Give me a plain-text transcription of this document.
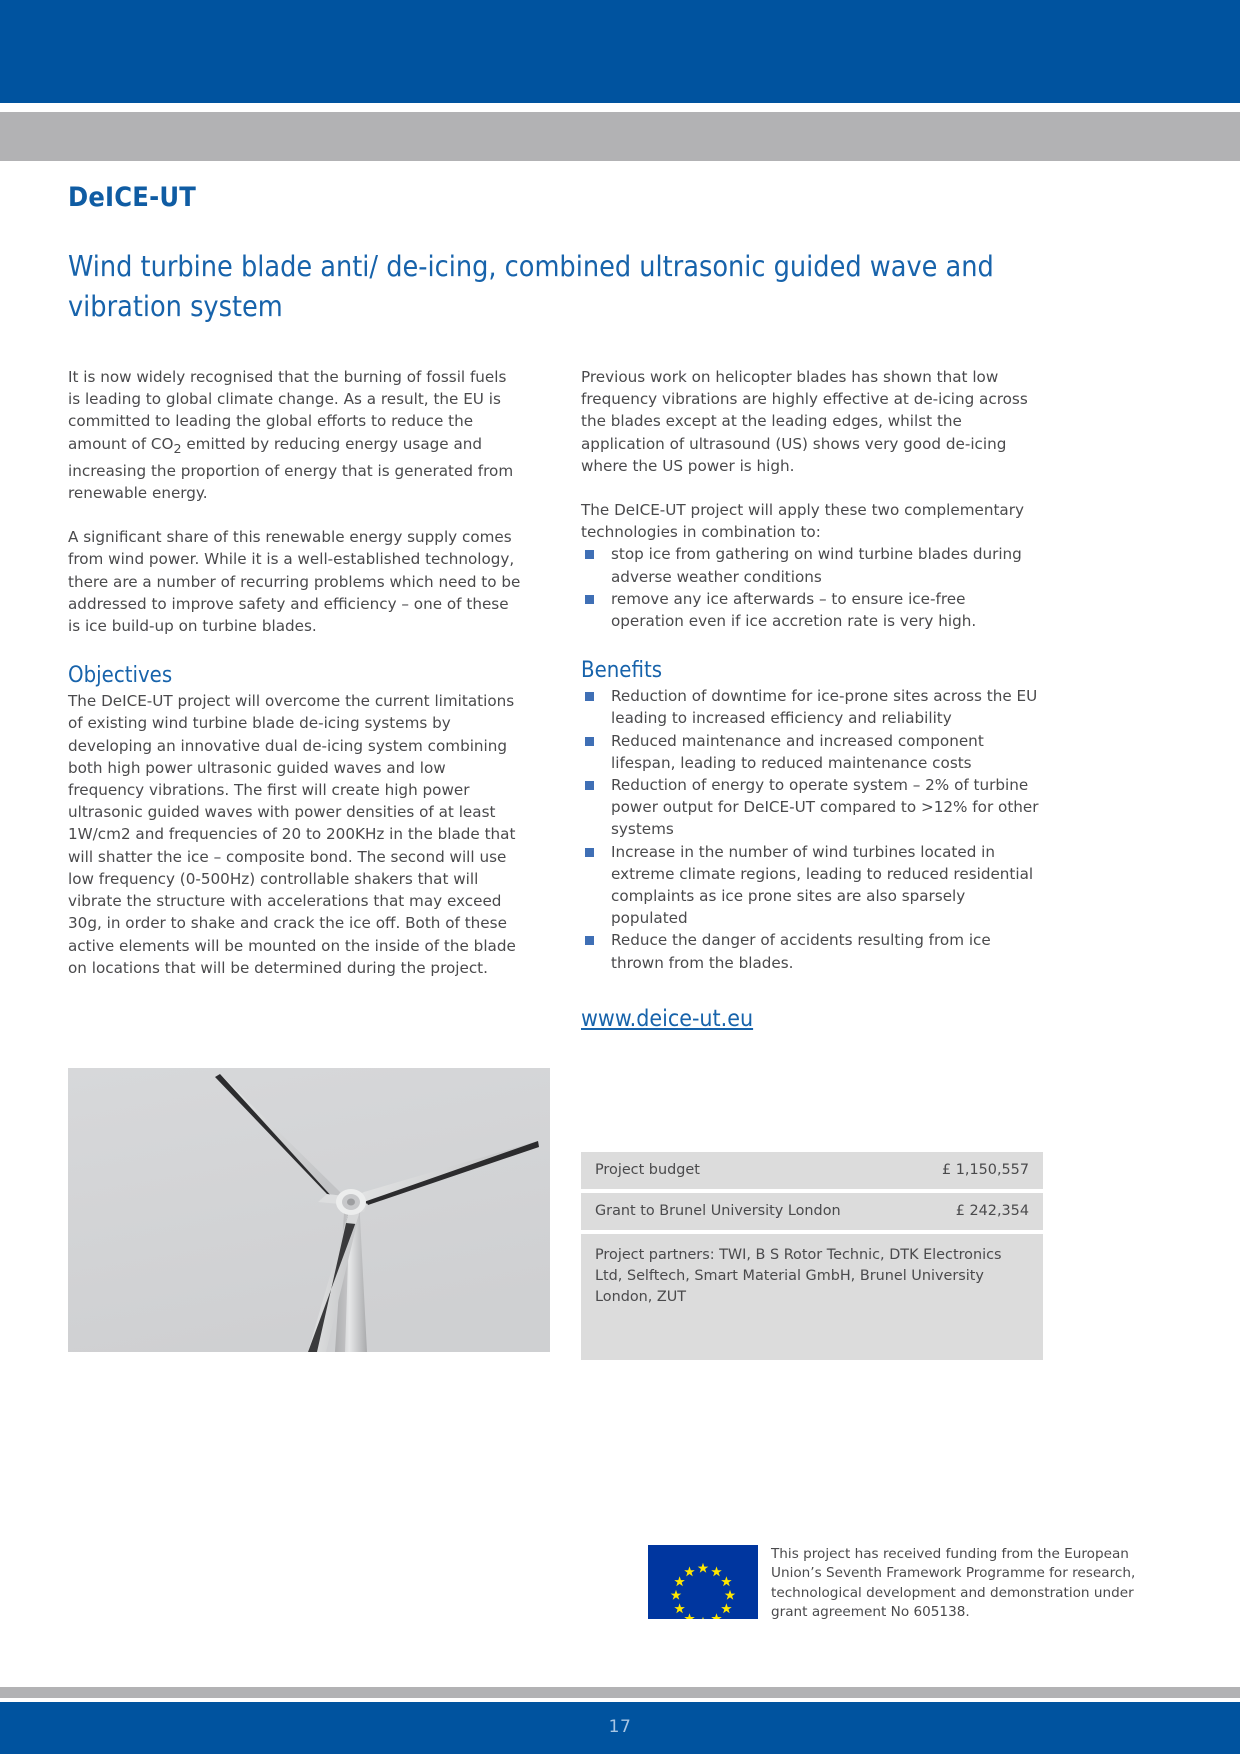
DeICE-UT
Wind turbine blade anti/ de-icing, combined ultrasonic guided wave and vibration system

It is now widely recognised that the burning of fossil fuels is leading to global climate change. As a result, the EU is committed to leading the global efforts to reduce the amount of $CO_2$ emitted by reducing energy usage and increasing the proportion of energy that is generated from renewable energy.

A significant share of this renewable energy supply comes from wind power. While it is a well-established technology, there are a number of recurring problems which need to be addressed to improve safety and efficiency – one of these is ice build-up on turbine blades.

Objectives

The DeICE-UT project will overcome the current limitations of existing wind turbine blade de-icing systems by developing an innovative dual de-icing system combining both high power ultrasonic guided waves and low frequency vibrations. The first will create high power ultrasonic guided waves with power densities of at least 1W/cm2 and frequencies of 20 to 200KHz in the blade that will shatter the ice – composite bond. The second will use low frequency (0-500Hz) controllable shakers that will vibrate the structure with accelerations that may exceed 30g, in order to shake and crack the ice off. Both of these active elements will be mounted on the inside of the blade on locations that will be determined during the project.

Previous work on helicopter blades has shown that low frequency vibrations are highly effective at de-icing across the blades except at the leading edges, whilst the application of ultrasound (US) shows very good de-icing where the US power is high.

The DeICE-UT project will apply these two complementary technologies in combination to:

stop ice from gathering on wind turbine blades during adverse weather conditions
remove any ice afterwards – to ensure ice-free operation even if ice accretion rate is very high.
Benefits
Reduction of downtime for ice-prone sites across the EU leading to increased efficiency and reliability
Reduced maintenance and increased component lifespan, leading to reduced maintenance costs
Reduction of energy to operate system – 2% of turbine power output for DeICE-UT compared to >12% for other systems
Increase in the number of wind turbines located in extreme climate regions, leading to reduced residential complaints as ice prone sites are also sparsely populated
Reduce the danger of accidents resulting from ice thrown from the blades.
www.deice-ut.eu
Project budget	£ 1,150,557
Grant to Brunel University London	£ 242,354
Project partners: TWI, B S Rotor Technic, DTK Electronics Ltd, Selftech, Smart Material GmbH, Brunel University London, ZUT
This project has received funding from the European Union’s Seventh Framework Programme for research, technological development and demonstration under grant agreement No 605138.
17
